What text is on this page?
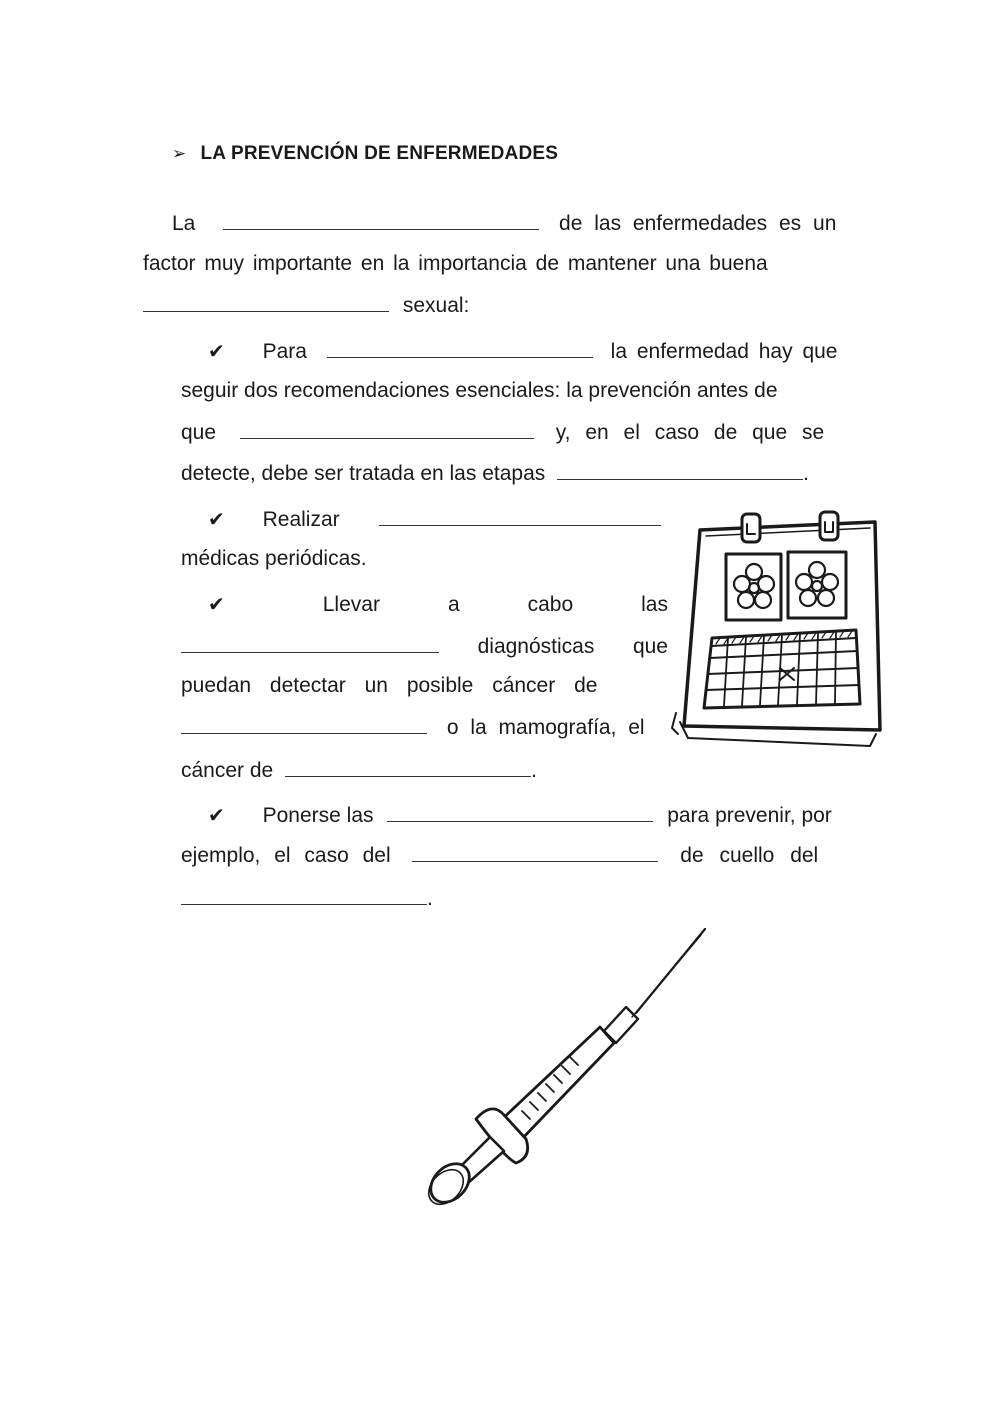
➢ LA PREVENCIÓN DE ENFERMEDADES
La	de las enfermedades es un
factor muy importante en la importancia de mantener una buena
sexual:
✔ Para	la enfermedad hay que
seguir dos recomendaciones esenciales: la prevención antes de
que	y, en el caso de que se
detecte, debe ser tratada en las etapas	.
✔ Realizar
médicas periódicas.
✔	Llevar	a	cabo	las
diagnósticas que
puedan detectar un posible cáncer de
o la mamografía, el
cáncer de	.
✔ Ponerse las	para prevenir, por
ejemplo, el caso del	de cuello del
.
